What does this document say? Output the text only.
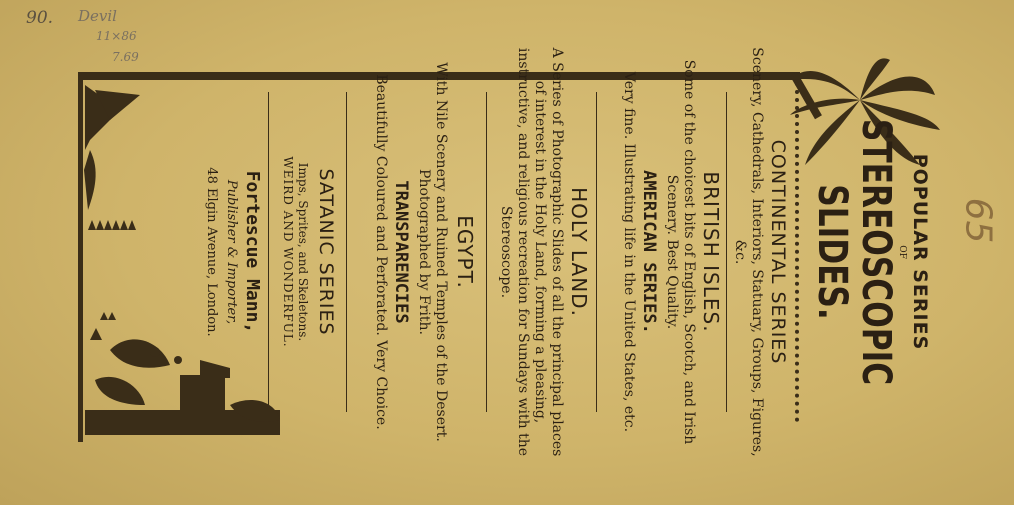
90. Devil
11×86
7.69
65
POPULAR SERIES
OF
STEREOSCOPIC
SLIDES.
CONTINENTAL SERIES
Scenery, Cathedrals, Interiors, Statuary, Groups, Figures, &c.
BRITISH ISLES.
Some of the choicest bits of English, Scotch, and Irish Scenery. Best Quality.
AMERICAN SERIES.
Very fine. Illustrating life in the United States, etc.
HOLY LAND.
A Series of Photographic Slides of all the principal places of interest in the Holy Land, forming a pleasing, instructive, and religious recreation for Sundays with the Stereoscope.
EGYPT.
With Nile Scenery and Ruined Temples of the Desert. Photographed by Frith.
TRANSPARENCIES
Beautifully Coloured and Perforated. Very Choice.
SATANIC SERIES
Imps, Sprites, and Skeletons.
WEIRD AND WONDERFUL.
Fortescue Mann,
Publisher & Importer,
48 Elgin Avenue, London.
